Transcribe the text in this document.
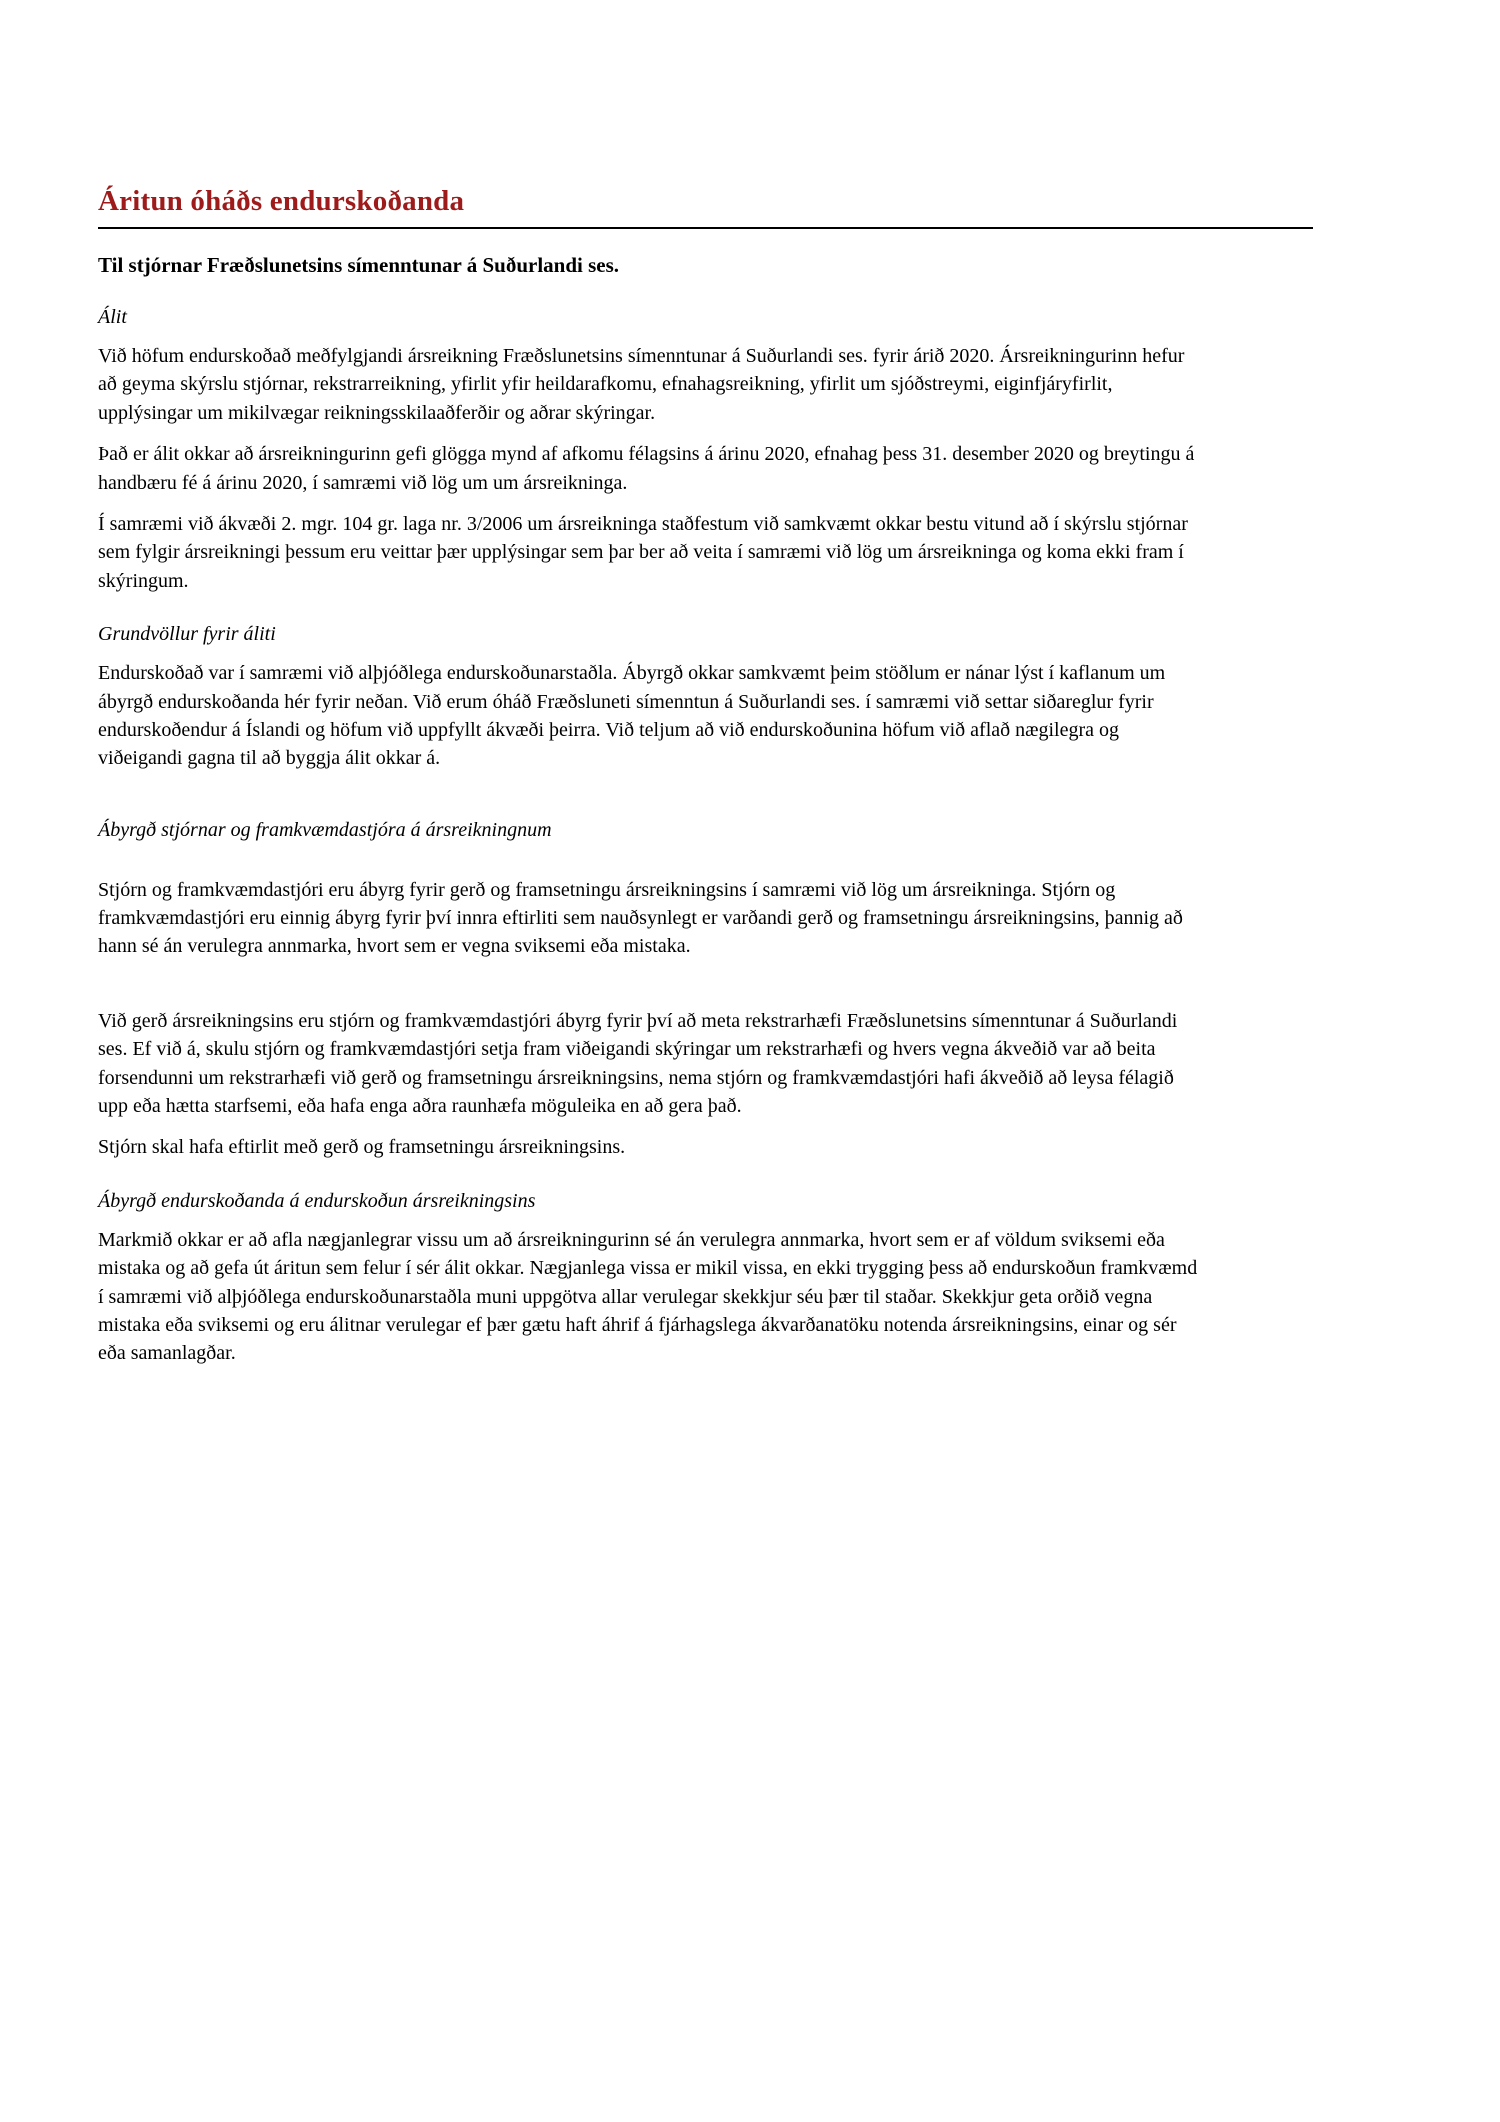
Áritun óháðs endurskoðanda

Til stjórnar Fræðslunetsins símenntunar á Suðurlandi ses.

Álit

Við höfum endurskoðað meðfylgjandi ársreikning Fræðslunetsins símenntunar á Suðurlandi ses. fyrir árið 2020. Ársreikningurinn hefur að geyma skýrslu stjórnar, rekstrarreikning, yfirlit yfir heildarafkomu, efnahagsreikning, yfirlit um sjóðstreymi, eiginfjáryfirlit, upplýsingar um mikilvægar reikningsskilaaðferðir og aðrar skýringar.

Það er álit okkar að ársreikningurinn gefi glögga mynd af afkomu félagsins á árinu 2020, efnahag þess 31. desember 2020 og breytingu á handbæru fé á árinu 2020, í samræmi við lög um um ársreikninga.

Í samræmi við ákvæði 2. mgr. 104 gr. laga nr. 3/2006 um ársreikninga staðfestum við samkvæmt okkar bestu vitund að í skýrslu stjórnar sem fylgir ársreikningi þessum eru veittar þær upplýsingar sem þar ber að veita í samræmi við lög um ársreikninga og koma ekki fram í skýringum.

Grundvöllur fyrir áliti

Endurskoðað var í samræmi við alþjóðlega endurskoðunarstaðla. Ábyrgð okkar samkvæmt þeim stöðlum er nánar lýst í kaflanum um ábyrgð endurskoðanda hér fyrir neðan. Við erum óháð Fræðsluneti símenntun á Suðurlandi ses. í samræmi við settar siðareglur fyrir endurskoðendur á Íslandi og höfum við uppfyllt ákvæði þeirra. Við teljum að við endurskoðunina höfum við aflað nægilegra og viðeigandi gagna til að byggja álit okkar á.

Ábyrgð stjórnar og framkvæmdastjóra á ársreikningnum

Stjórn og framkvæmdastjóri eru ábyrg fyrir gerð og framsetningu ársreikningsins í samræmi við lög um ársreikninga. Stjórn og framkvæmdastjóri eru einnig ábyrg fyrir því innra eftirliti sem nauðsynlegt er varðandi gerð og framsetningu ársreikningsins, þannig að hann sé án verulegra annmarka, hvort sem er vegna sviksemi eða mistaka.

Við gerð ársreikningsins eru stjórn og framkvæmdastjóri ábyrg fyrir því að meta rekstrarhæfi Fræðslunetsins símenntunar á Suðurlandi ses. Ef við á, skulu stjórn og framkvæmdastjóri setja fram viðeigandi skýringar um rekstrarhæfi og hvers vegna ákveðið var að beita forsendunni um rekstrarhæfi við gerð og framsetningu ársreikningsins, nema stjórn og framkvæmdastjóri hafi ákveðið að leysa félagið upp eða hætta starfsemi, eða hafa enga aðra raunhæfa möguleika en að gera það.

Stjórn skal hafa eftirlit með gerð og framsetningu ársreikningsins.

Ábyrgð endurskoðanda á endurskoðun ársreikningsins

Markmið okkar er að afla nægjanlegrar vissu um að ársreikningurinn sé án verulegra annmarka, hvort sem er af völdum sviksemi eða mistaka og að gefa út áritun sem felur í sér álit okkar. Nægjanlega vissa er mikil vissa, en ekki trygging þess að endurskoðun framkvæmd í samræmi við alþjóðlega endurskoðunarstaðla muni uppgötva allar verulegar skekkjur séu þær til staðar. Skekkjur geta orðið vegna mistaka eða sviksemi og eru álitnar verulegar ef þær gætu haft áhrif á fjárhagslega ákvarðanatöku notenda ársreikningsins, einar og sér eða samanlagðar.
